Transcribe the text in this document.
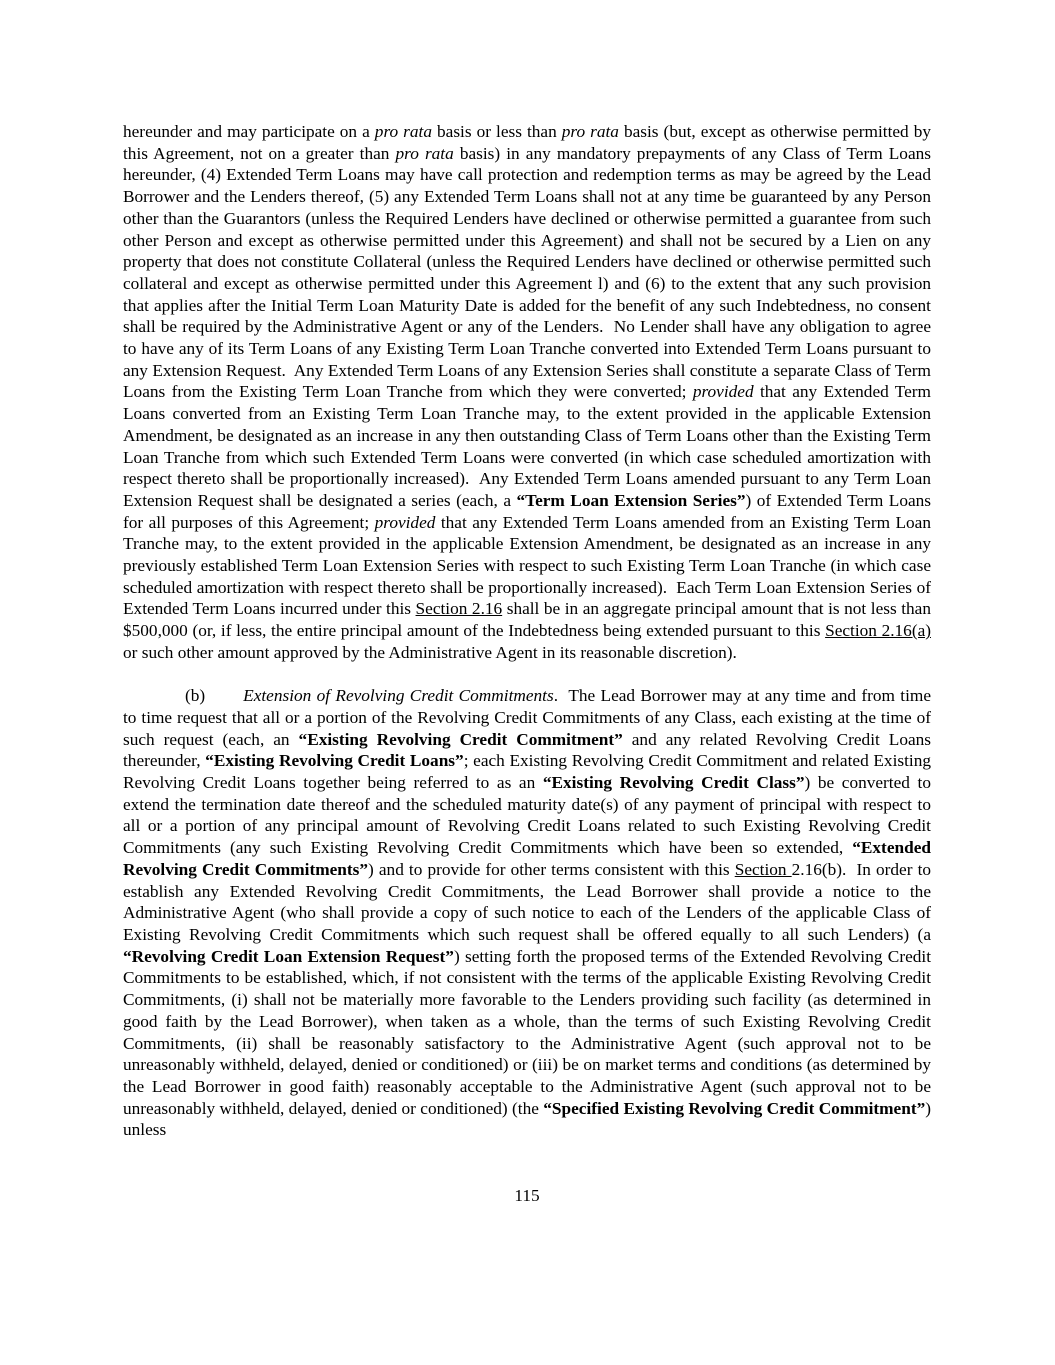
hereunder and may participate on a pro rata basis or less than pro rata basis (but, except as otherwise permitted by this Agreement, not on a greater than pro rata basis) in any mandatory prepayments of any Class of Term Loans hereunder, (4) Extended Term Loans may have call protection and redemption terms as may be agreed by the Lead Borrower and the Lenders thereof, (5) any Extended Term Loans shall not at any time be guaranteed by any Person other than the Guarantors (unless the Required Lenders have declined or otherwise permitted a guarantee from such other Person and except as otherwise permitted under this Agreement) and shall not be secured by a Lien on any property that does not constitute Collateral (unless the Required Lenders have declined or otherwise permitted such collateral and except as otherwise permitted under this Agreement l) and (6) to the extent that any such provision that applies after the Initial Term Loan Maturity Date is added for the benefit of any such Indebtedness, no consent shall be required by the Administrative Agent or any of the Lenders.  No Lender shall have any obligation to agree to have any of its Term Loans of any Existing Term Loan Tranche converted into Extended Term Loans pursuant to any Extension Request.  Any Extended Term Loans of any Extension Series shall constitute a separate Class of Term Loans from the Existing Term Loan Tranche from which they were converted; provided that any Extended Term Loans converted from an Existing Term Loan Tranche may, to the extent provided in the applicable Extension Amendment, be designated as an increase in any then outstanding Class of Term Loans other than the Existing Term Loan Tranche from which such Extended Term Loans were converted (in which case scheduled amortization with respect thereto shall be proportionally increased).  Any Extended Term Loans amended pursuant to any Term Loan Extension Request shall be designated a series (each, a “Term Loan Extension Series”) of Extended Term Loans for all purposes of this Agreement; provided that any Extended Term Loans amended from an Existing Term Loan Tranche may, to the extent provided in the applicable Extension Amendment, be designated as an increase in any previously established Term Loan Extension Series with respect to such Existing Term Loan Tranche (in which case scheduled amortization with respect thereto shall be proportionally increased).  Each Term Loan Extension Series of Extended Term Loans incurred under this Section 2.16 shall be in an aggregate principal amount that is not less than $500,000 (or, if less, the entire principal amount of the Indebtedness being extended pursuant to this Section 2.16(a) or such other amount approved by the Administrative Agent in its reasonable discretion).

(b) Extension of Revolving Credit Commitments.  The Lead Borrower may at any time and from time to time request that all or a portion of the Revolving Credit Commitments of any Class, each existing at the time of such request (each, an “Existing Revolving Credit Commitment” and any related Revolving Credit Loans thereunder, “Existing Revolving Credit Loans”; each Existing Revolving Credit Commitment and related Existing Revolving Credit Loans together being referred to as an “Existing Revolving Credit Class”) be converted to extend the termination date thereof and the scheduled maturity date(s) of any payment of principal with respect to all or a portion of any principal amount of Revolving Credit Loans related to such Existing Revolving Credit Commitments (any such Existing Revolving Credit Commitments which have been so extended, “Extended Revolving Credit Commitments”) and to provide for other terms consistent with this Section 2.16(b).  In order to establish any Extended Revolving Credit Commitments, the Lead Borrower shall provide a notice to the Administrative Agent (who shall provide a copy of such notice to each of the Lenders of the applicable Class of Existing Revolving Credit Commitments which such request shall be offered equally to all such Lenders) (a “Revolving Credit Loan Extension Request”) setting forth the proposed terms of the Extended Revolving Credit Commitments to be established, which, if not consistent with the terms of the applicable Existing Revolving Credit Commitments, (i) shall not be materially more favorable to the Lenders providing such facility (as determined in good faith by the Lead Borrower), when taken as a whole, than the terms of such Existing Revolving Credit Commitments, (ii) shall be reasonably satisfactory to the Administrative Agent (such approval not to be unreasonably withheld, delayed, denied or conditioned) or (iii) be on market terms and conditions (as determined by the Lead Borrower in good faith) reasonably acceptable to the Administrative Agent (such approval not to be unreasonably withheld, delayed, denied or conditioned) (the “Specified Existing Revolving Credit Commitment”) unless

115
